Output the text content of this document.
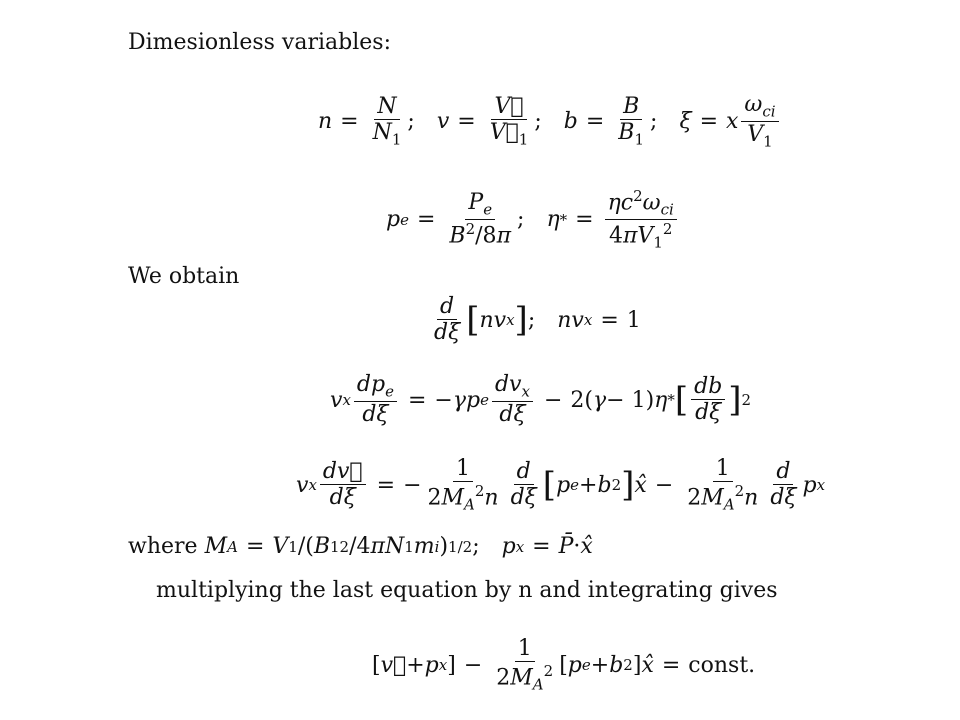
Dimesionless variables:
$n = \frac{N}{N_1}$ ; $v = \frac{V⃗}{V⃗_1}$ ; $b = \frac{B}{B_1}$ ; ξ = x $\frac{\omega_{ci}}{V_1}$
p $e = \frac{P_e}{B^2/8\pi}$ ; η * = $\frac{\eta c^2\omega_{ci}}{4\pi V_1^2}$
We obtain
$\frac{d}{d\xi}$ [ nv x ] ; nv x = 1
v x $\frac{dp_e}{d\xi}$ = − γp e $\frac{dv_x}{d\xi} - 2$( γ − 1) η * [ $\frac{db}{d\xi}$ ] 2
v x $\frac{dv⃗}{d\xi}$ = − $\frac{1}{2M_A^2n} \frac{d}{d\xi}$ [ p e + b 2 ] x̂ − $\frac{1}{2M_A^2n} \frac{d}{d\xi}$ p x
where
M A = V 1 /( B 1 2 /4 πN 1 m i ) 1/2 ; p x = P̄ · x̂
multiplying the last equation by n and integrating gives
[ v⃗ + p x ] − $\frac{1}{2M_A^2}$ [ p e + b 2 ] x̂ = const.
